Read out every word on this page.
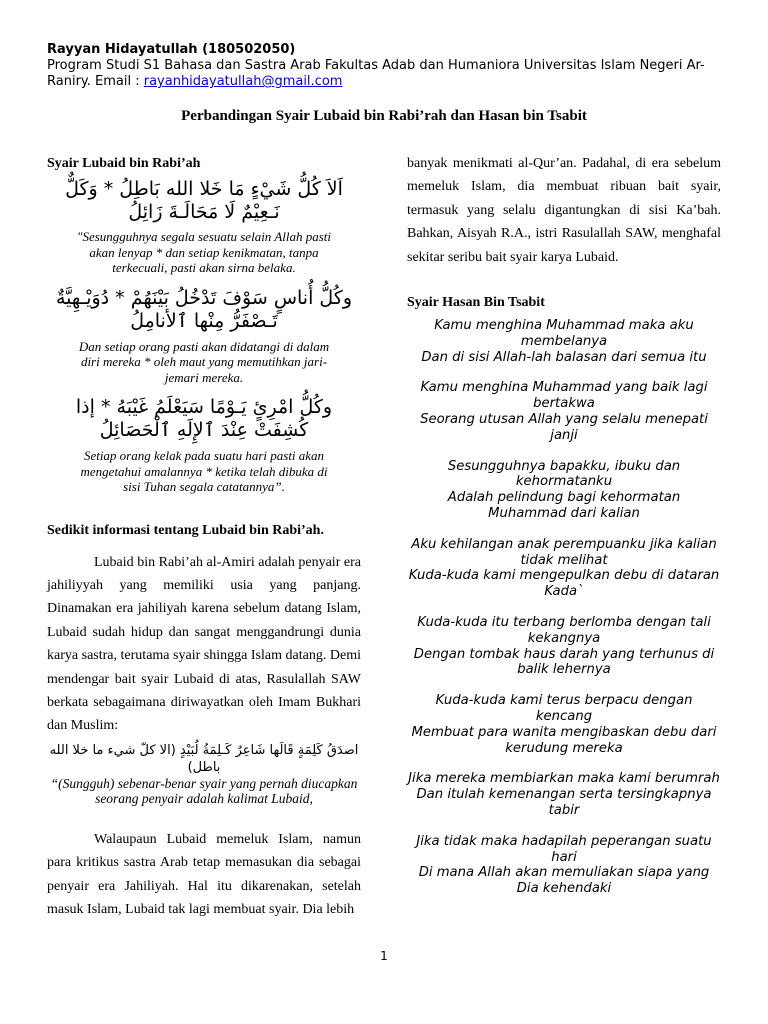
Rayyan Hidayatullah (180502050)
Program Studi S1 Bahasa dan Sastra Arab Fakultas Adab dan Humaniora Universitas Islam Negeri Ar-Raniry. Email : rayanhidayatullah@gmail.com
Perbandingan Syair Lubaid bin Rabi’rah dan Hasan bin Tsabit

Syair Lubaid bin Rabi’ah

اَلاَ كُلُّ شَيْءٍ مَا خَلا الله بَاطِلُ * وَكَلٌّ نَـعِيْمٌ لَا مَحَالَـةَ زَائِلُ

"Sesungguhnya segala sesuatu selain Allah pasti akan lenyap * dan setiap kenikmatan, tanpa terkecuali, pasti akan sirna belaka.

وكُلُّ أُناسٍ سَوْفَ تَدْخُلُ بَيْنَهُمْ * دُوَيْـهِيَّةٌ تَـصْفَرُّ مِنْها ٱلأنامِلُ

Dan setiap orang pasti akan didatangi di dalam diri mereka * oleh maut yang memutihkan jari-jemari mereka.

وكُلُّ امْرِئٍ يَـوْمًا سَيَعْلَمُ غَيْبَهُ * إذا كُشِفَتْ عِنْدَ ٱلإِلَهِ ٱلْحَصَائِلُ

Setiap orang kelak pada suatu hari pasti akan mengetahui amalannya * ketika telah dibuka di sisi Tuhan segala catatannya”.

Sedikit informasi tentang Lubaid bin Rabi’ah.

Lubaid bin Rabi’ah al-Amiri adalah penyair era jahiliyyah yang memiliki usia yang panjang. Dinamakan era jahiliyah karena sebelum datang Islam, Lubaid sudah hidup dan sangat menggandrungi dunia karya sastra, terutama syair shingga Islam datang. Demi mendengar bait syair Lubaid di atas, Rasulallah SAW berkata sebagaimana diriwayatkan oleh Imam Bukhari dan Muslim:

اصدَقُ كَلِمَةٍ قَالَها شَاعِرٌ كَـلِمَةُ لُبَيْدٍ (الا كلّ شيء ما خلا الله باطل)

“(Sungguh) sebenar-benar syair yang pernah diucapkan seorang penyair adalah kalimat Lubaid,

Walaupaun Lubaid memeluk Islam, namun para kritikus sastra Arab tetap memasukan dia sebagai penyair era Jahiliyah. Hal itu dikarenakan, setelah masuk Islam, Lubaid tak lagi membuat syair. Dia lebih

banyak menikmati al-Qur’an. Padahal, di era sebelum memeluk Islam, dia membuat ribuan bait syair, termasuk yang selalu digantungkan di sisi Ka’bah. Bahkan, Aisyah R.A., istri Rasulallah SAW, menghafal sekitar seribu bait syair karya Lubaid.

Syair Hasan Bin Tsabit

Kamu menghina Muhammad maka aku membelanya

Dan di sisi Allah-lah balasan dari semua itu

Kamu menghina Muhammad yang baik lagi bertakwa

Seorang utusan Allah yang selalu menepati janji

Sesungguhnya bapakku, ibuku dan kehormatanku

Adalah pelindung bagi kehormatan Muhammad dari kalian

Aku kehilangan anak perempuanku jika kalian tidak melihat

Kuda-kuda kami mengepulkan debu di dataran Kada`

Kuda-kuda itu terbang berlomba dengan tali kekangnya

Dengan tombak haus darah yang terhunus di balik lehernya

Kuda-kuda kami terus berpacu dengan kencang

Membuat para wanita mengibaskan debu dari kerudung mereka

Jika mereka membiarkan maka kami berumrah

Dan itulah kemenangan serta tersingkapnya tabir

Jika tidak maka hadapilah peperangan suatu hari

Di mana Allah akan memuliakan siapa yang Dia kehendaki

1
